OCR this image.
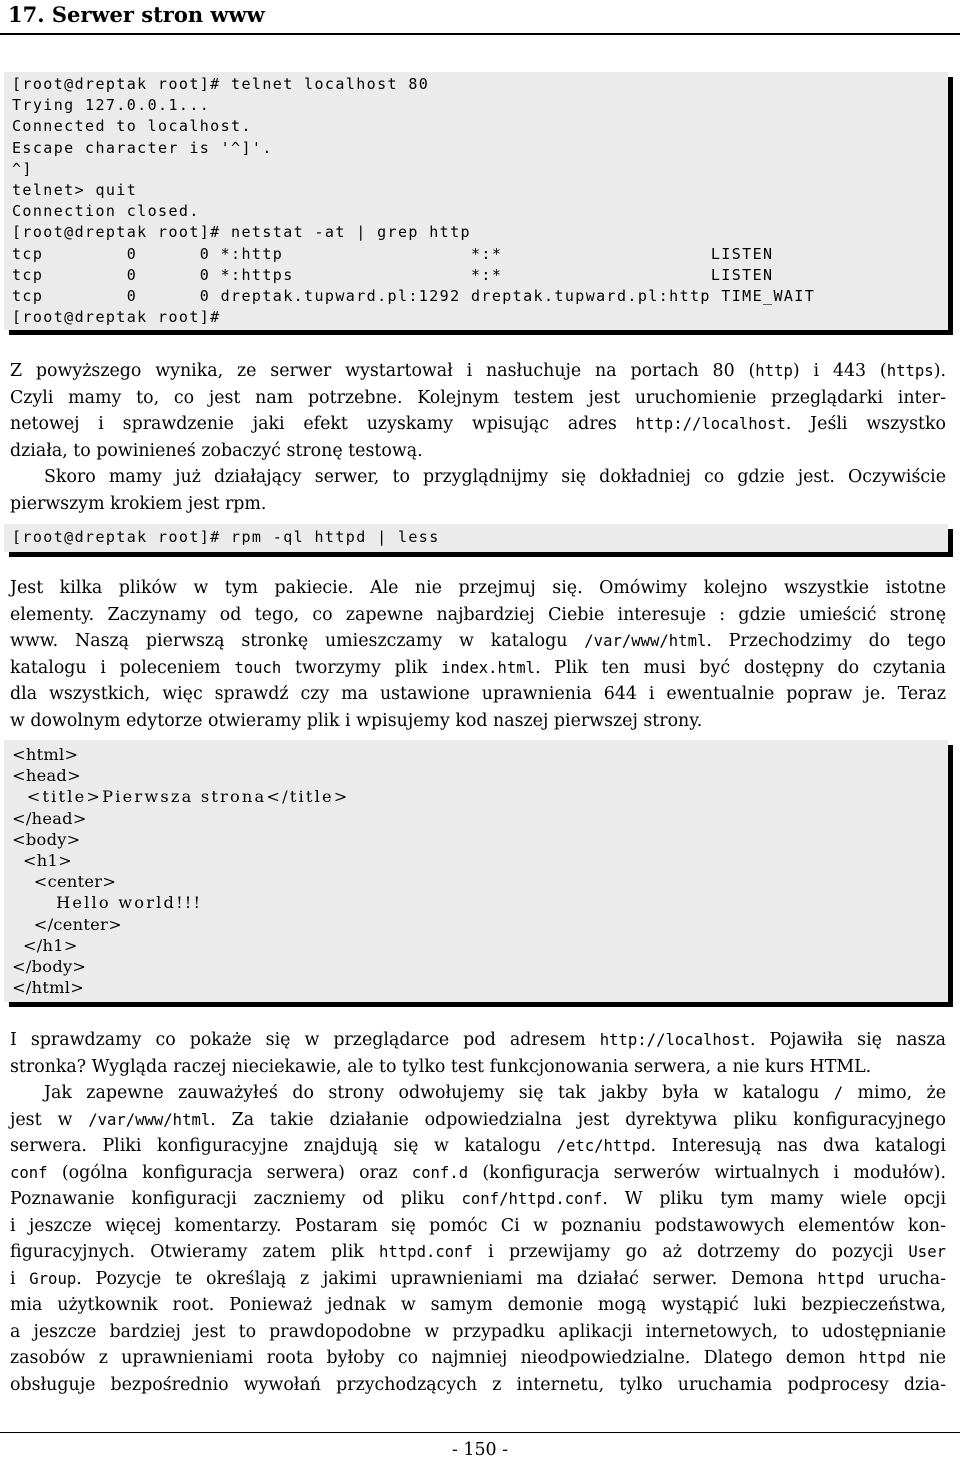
17. Serwer stron www
[root@dreptak root]# telnet localhost 80
Trying 127.0.0.1...
Connected to localhost.
Escape character is '^]'.
^]
telnet> quit
Connection closed.
[root@dreptak root]# netstat -at | grep http
tcp        0      0 *:http                  *:*                    LISTEN
tcp        0      0 *:https                 *:*                    LISTEN
tcp        0      0 dreptak.tupward.pl:1292 dreptak.tupward.pl:http TIME_WAIT
[root@dreptak root]#
Z powyższego wynika, ze serwer wystartował i nasłuchuje na portach 80 (http) i 443 (https).
Czyli mamy to, co jest nam potrzebne. Kolejnym testem jest uruchomienie przeglądarki inter-
netowej i sprawdzenie jaki efekt uzyskamy wpisując adres http://localhost. Jeśli wszystko
działa, to powinieneś zobaczyć stronę testową.
Skoro mamy już działający serwer, to przyglądnijmy się dokładniej co gdzie jest. Oczywiście
pierwszym krokiem jest rpm.
[root@dreptak root]# rpm -ql httpd | less
Jest kilka plików w tym pakiecie. Ale nie przejmuj się. Omówimy kolejno wszystkie istotne
elementy. Zaczynamy od tego, co zapewne najbardziej Ciebie interesuje : gdzie umieścić stronę
www. Naszą pierwszą stronkę umieszczamy w katalogu /var/www/html. Przechodzimy do tego
katalogu i poleceniem touch tworzymy plik index.html. Plik ten musi być dostępny do czytania
dla wszystkich, więc sprawdź czy ma ustawione uprawnienia 644 i ewentualnie popraw je. Teraz
w dowolnym edytorze otwieramy plik i wpisujemy kod naszej pierwszej strony.
<html>
<head>
<title>Pierwsza strona</title>
</head>
<body>
<h1>
<center>
Hello world!!!
</center>
</h1>
</body>
</html>
I sprawdzamy co pokaże się w przeglądarce pod adresem http://localhost. Pojawiła się nasza
stronka? Wygląda raczej nieciekawie, ale to tylko test funkcjonowania serwera, a nie kurs HTML.
Jak zapewne zauważyłeś do strony odwołujemy się tak jakby była w katalogu / mimo, że
jest w /var/www/html. Za takie działanie odpowiedzialna jest dyrektywa pliku konfiguracyjnego
serwera. Pliki konfiguracyjne znajdują się w katalogu /etc/httpd. Interesują nas dwa katalogi
conf (ogólna konfiguracja serwera) oraz conf.d (konfiguracja serwerów wirtualnych i modułów).
Poznawanie konfiguracji zaczniemy od pliku conf/httpd.conf. W pliku tym mamy wiele opcji
i jeszcze więcej komentarzy. Postaram się pomóc Ci w poznaniu podstawowych elementów kon-
figuracyjnych. Otwieramy zatem plik httpd.conf i przewijamy go aż dotrzemy do pozycji User
i Group. Pozycje te określają z jakimi uprawnieniami ma działać serwer. Demona httpd urucha-
mia użytkownik root. Ponieważ jednak w samym demonie mogą wystąpić luki bezpieczeństwa,
a jeszcze bardziej jest to prawdopodobne w przypadku aplikacji internetowych, to udostępnianie
zasobów z uprawnieniami roota byłoby co najmniej nieodpowiedzialne. Dlatego demon httpd nie
obsługuje bezpośrednio wywołań przychodzących z internetu, tylko uruchamia podprocesy dzia-
- 150 -
